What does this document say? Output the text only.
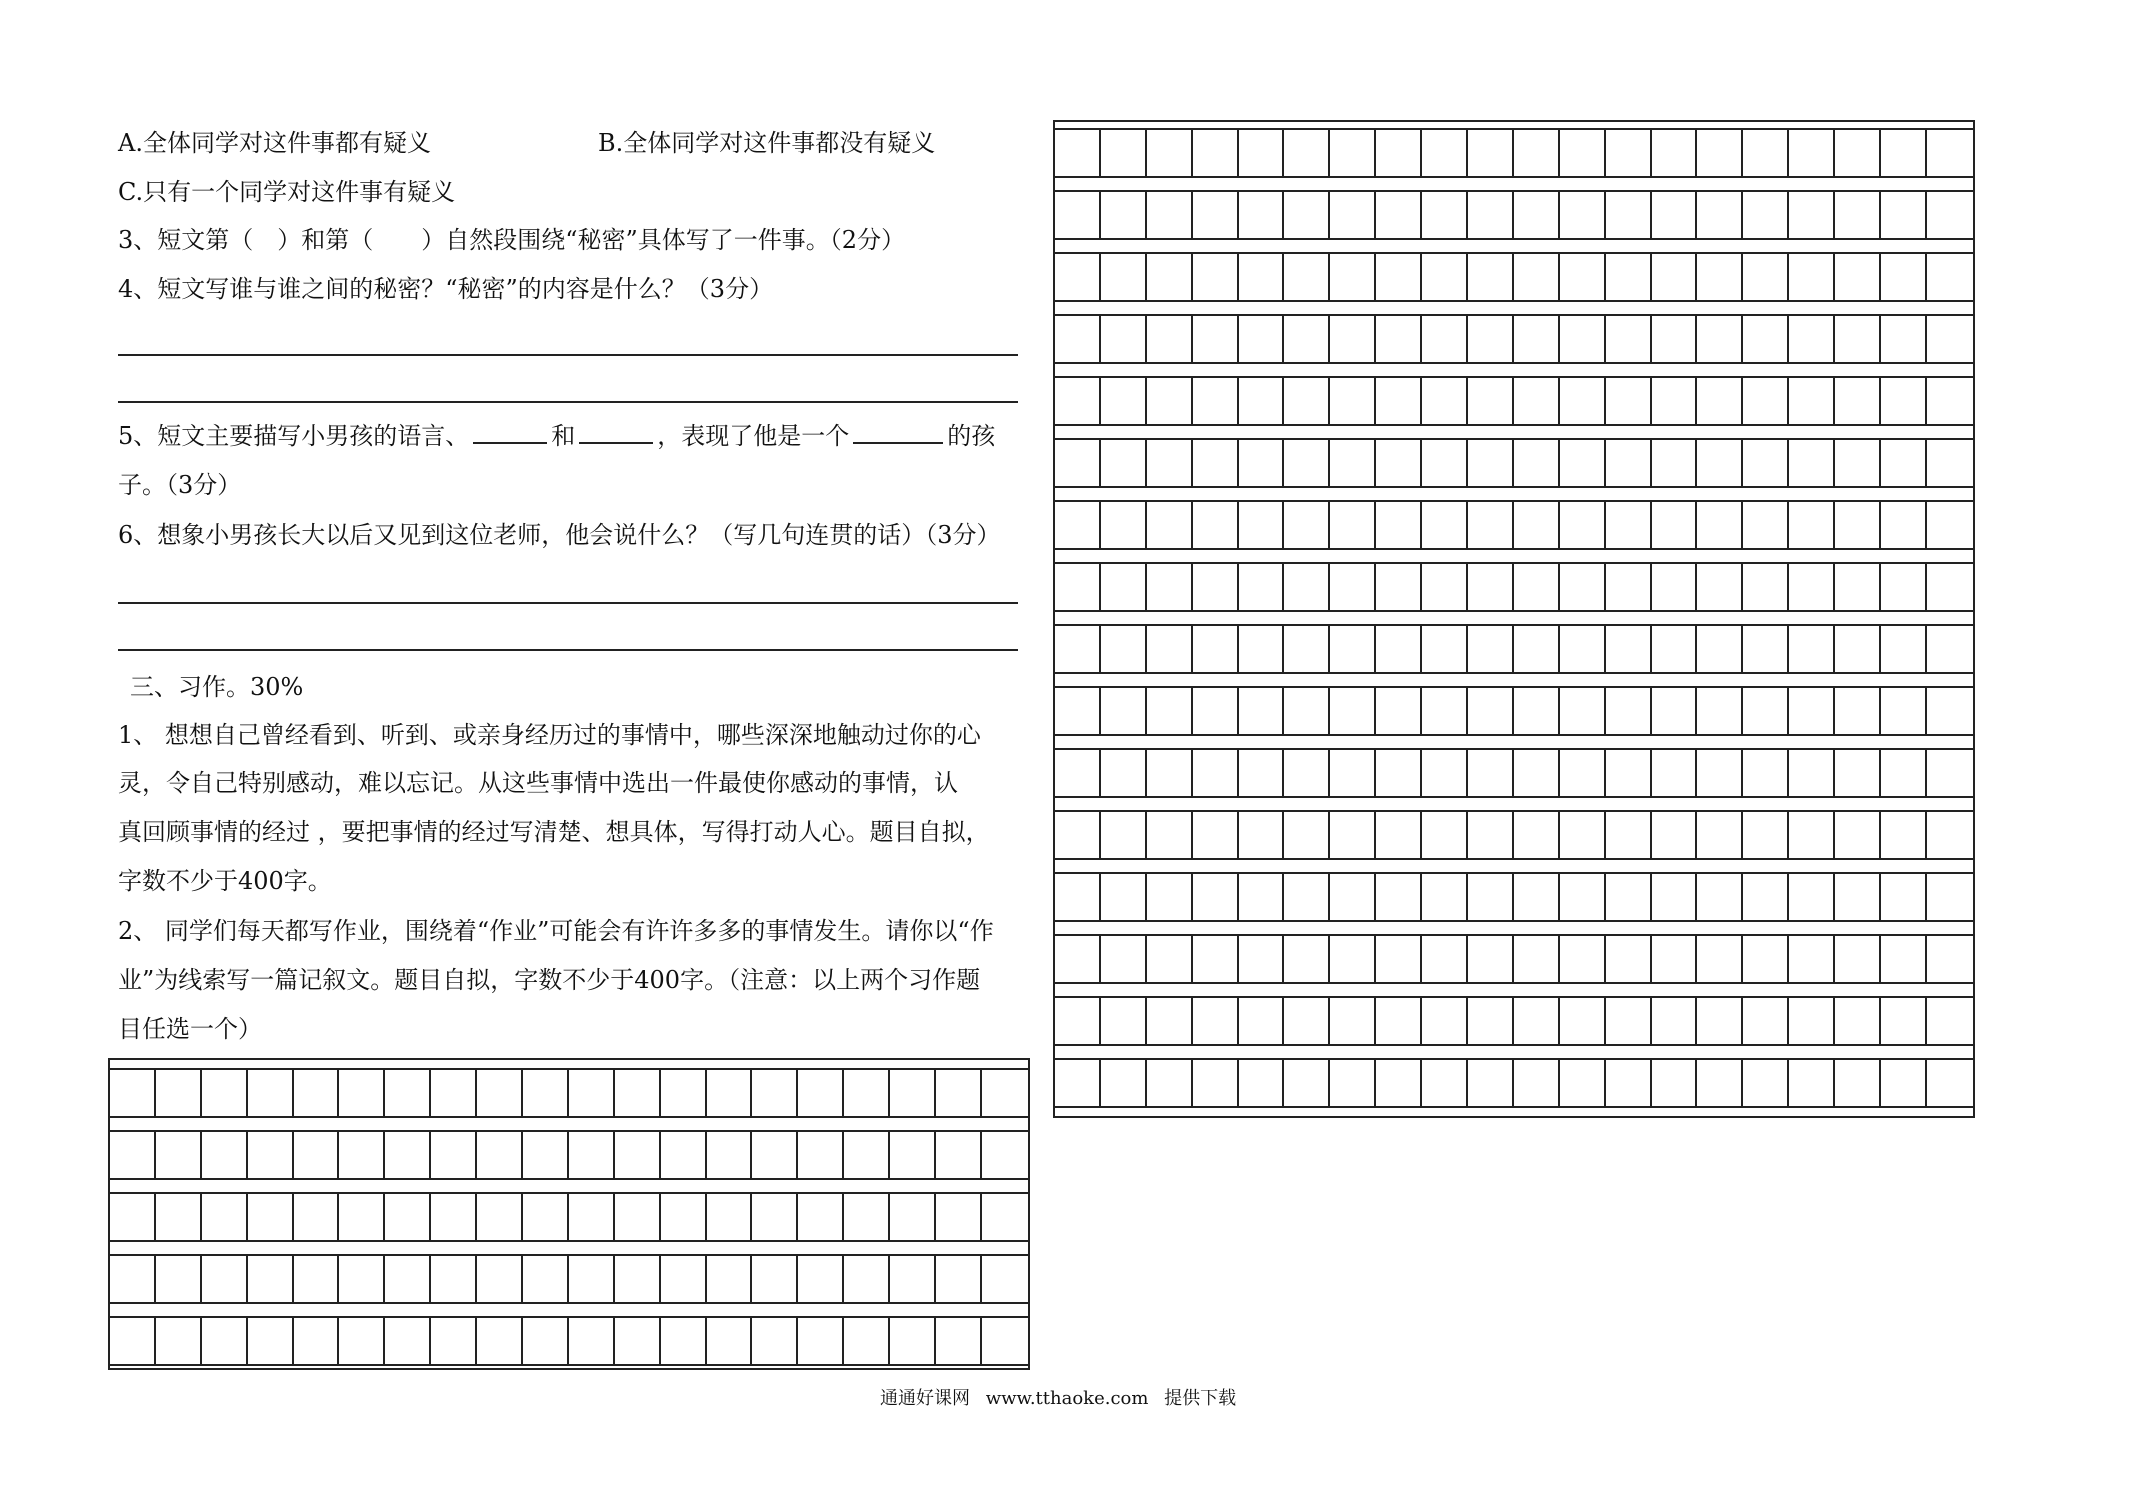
A.全体同学对这件事都有疑义	B.全体同学对这件事都没有疑义
C.只有一个同学对这件事有疑义
3、短文第（　）和第（　　）自然段围绕“秘密”具体写了一件事。（2分）
4、短文写谁与谁之间的秘密？“秘密”的内容是什么？（3分）
5、短文主要描写小男孩的语言、	和	，表现了他是一个	的孩
子。（3分）
6、想象小男孩长大以后又见到这位老师，他会说什么？（写几句连贯的话）（3分）
三、习作。30%
1、 想想自己曾经看到、听到、或亲身经历过的事情中，哪些深深地触动过你的心
灵，令自己特别感动，难以忘记。从这些事情中选出一件最使你感动的事情，认
真回顾事情的经过 ，要把事情的经过写清楚、想具体，写得打动人心。题目自拟，
字数不少于400字。
2、 同学们每天都写作业，围绕着“作业”可能会有许许多多的事情发生。请你以“作
业”为线索写一篇记叙文。题目自拟，字数不少于400字。（注意：以上两个习作题
目任选一个）
通通好课网 www.tthaoke.com 提供下载
